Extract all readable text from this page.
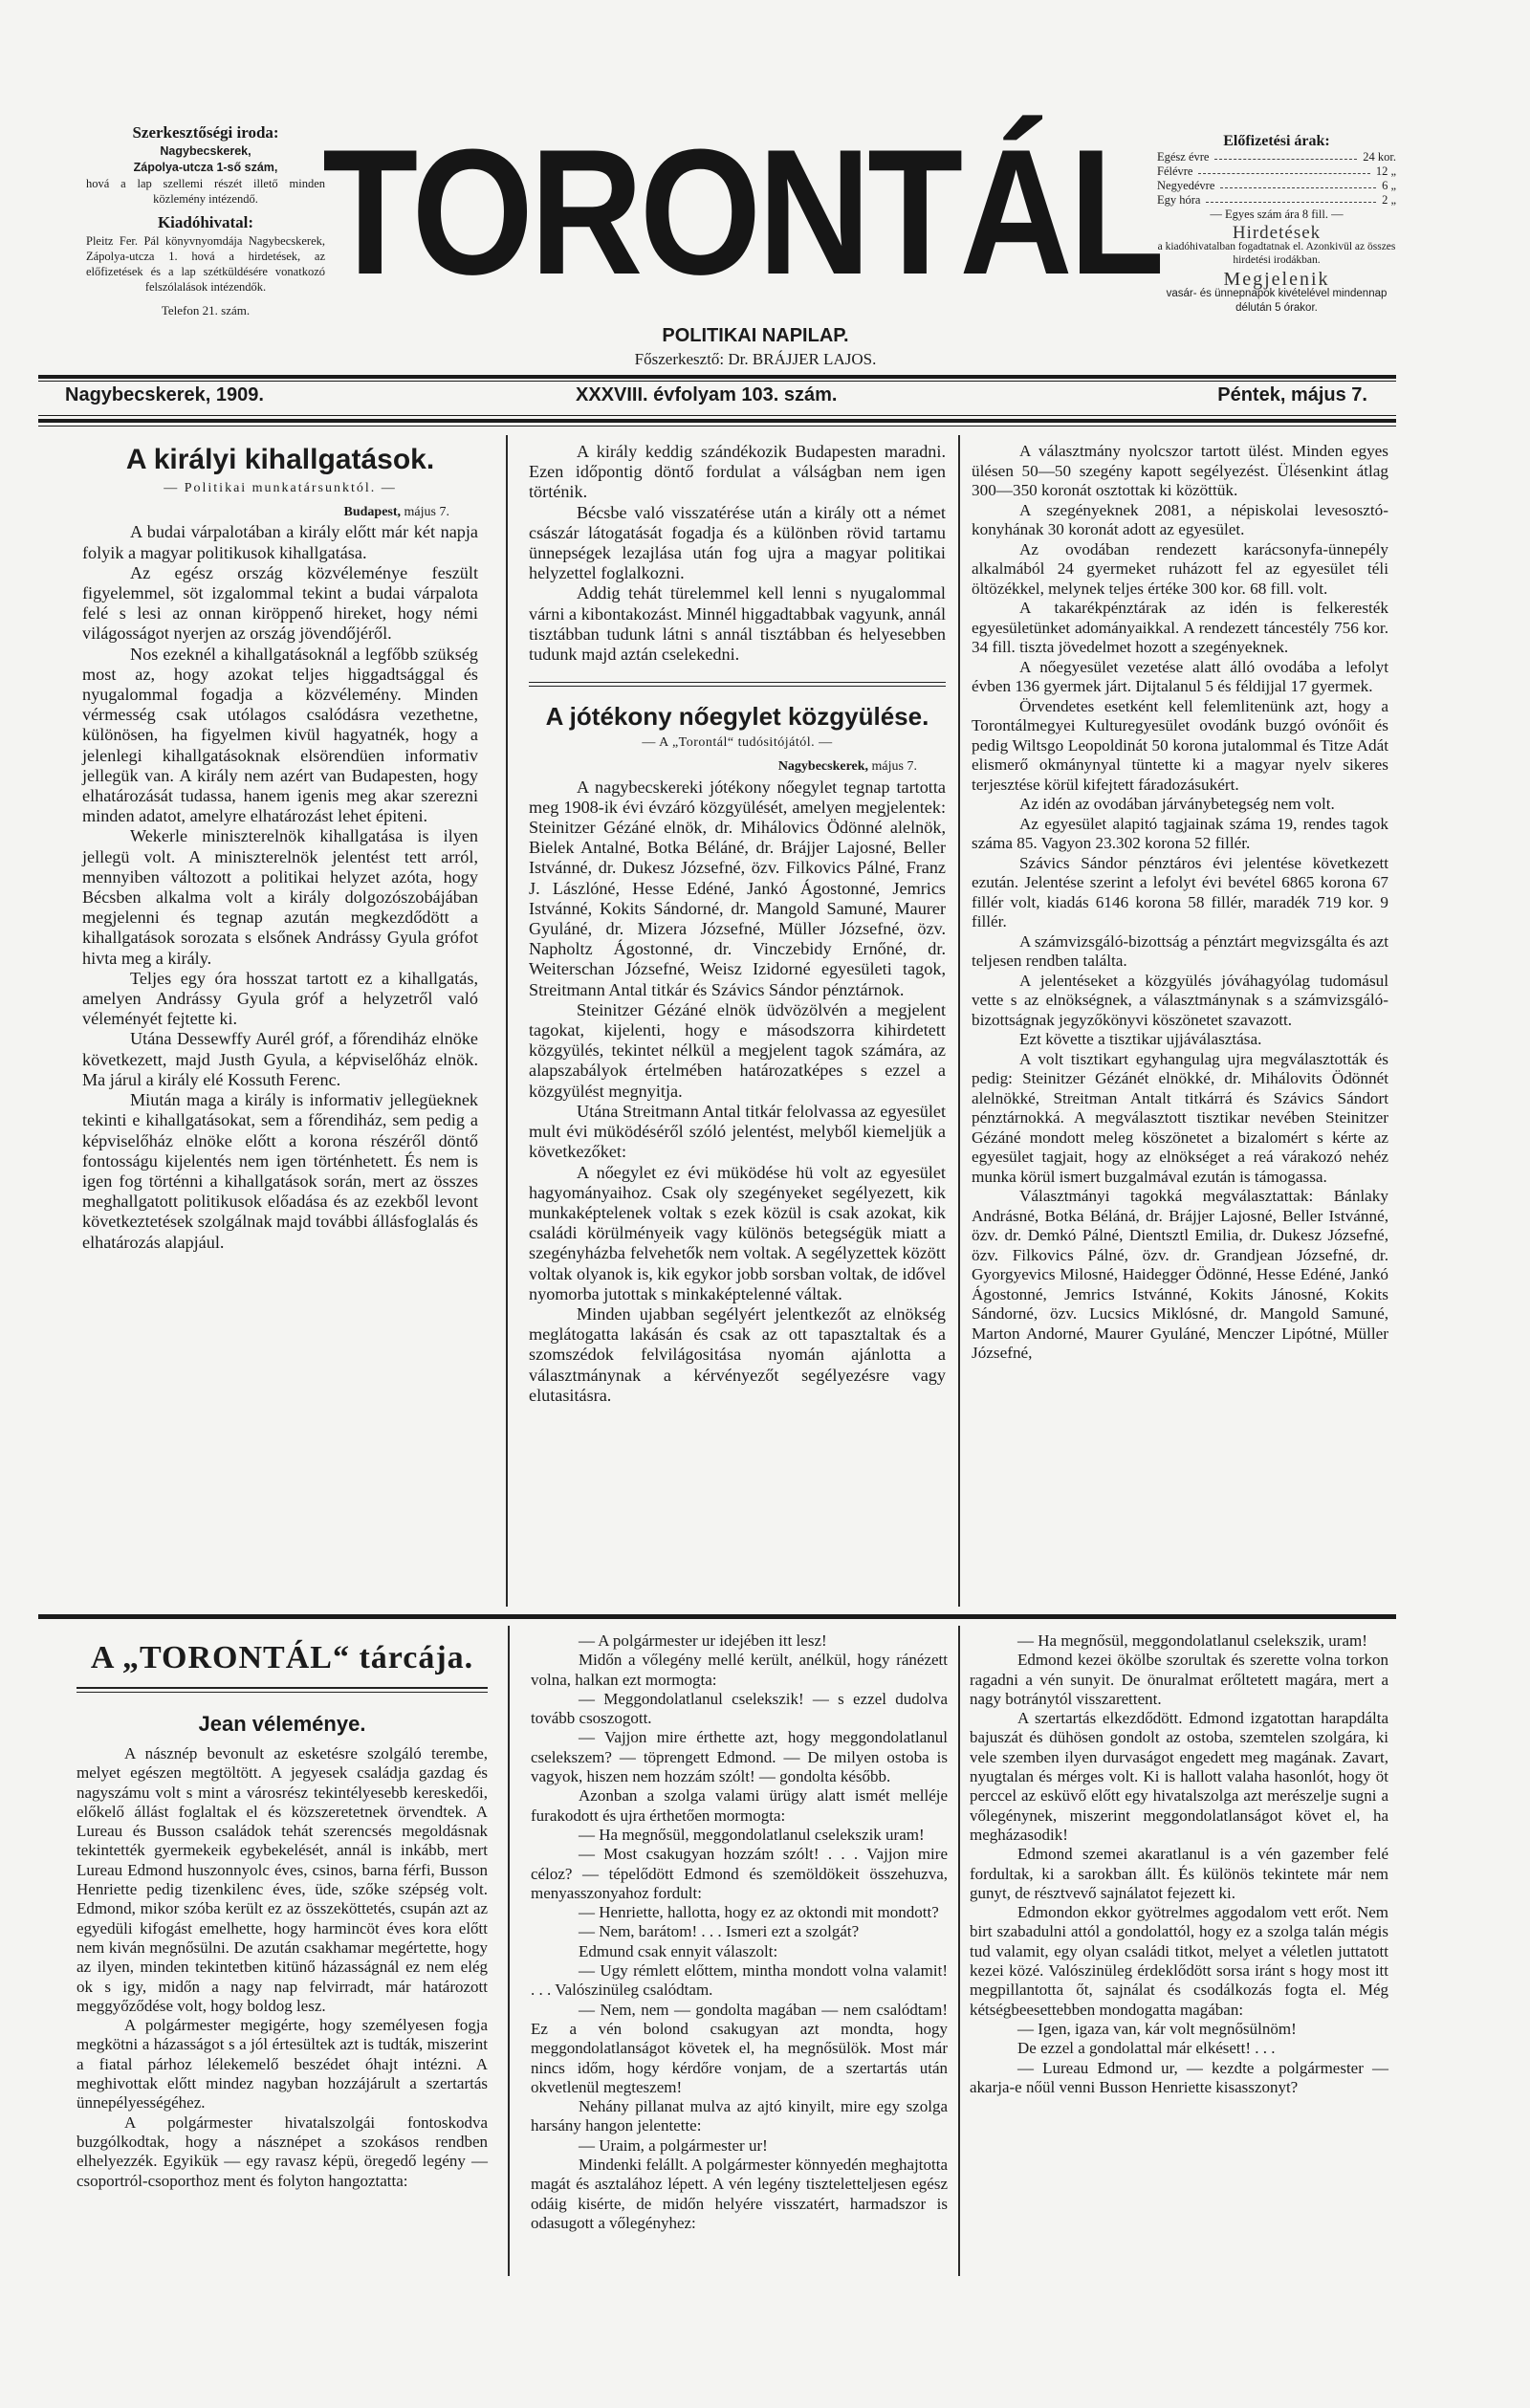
Szerkesztőségi iroda:
Nagybecskerek,
Zápolya-utcza 1-ső szám,
hová a lap szellemi részét illető minden közlemény intézendő.
Kiadóhivatal:
Pleitz Fer. Pál könyvnyomdája Nagybecskerek, Zápolya-utcza 1. hová a hirdetések, az előfizetések és a lap szétküldésére vonatkozó felszólalások intézendők.
Telefon 21. szám. TORONTÁL
POLITIKAI NAPILAP.
Főszerkesztő: Dr. BRÁJJER LAJOS.
Előfizetési árak:
Egész évre	24 kor.
Félévre	12 „
Negyedévre	6 „
Egy hóra	2 „
— Egyes szám ára 8 fill. —
Hirdetések
a kiadóhivatalban fogadtatnak el. Azonkivül az összes hirdetési irodákban.
Megjelenik
vasár- és ünnepnapok kivételével mindennap délután 5 órakor.
Nagybecskerek, 1909.	XXXVIII. évfolyam 103. szám.	Péntek, május 7.
A királyi kihallgatások.
— Politikai munkatársunktól. —
Budapest, május 7.

A budai várpalotában a király előtt már két napja folyik a magyar politikusok kihallgatása.

Az egész ország közvéleménye feszült figyelemmel, söt izgalommal tekint a budai várpalota felé s lesi az onnan kiröppenő hireket, hogy némi világosságot nyerjen az ország jövendőjéről.

Nos ezeknél a kihallgatásoknál a legfőbb szükség most az, hogy azokat teljes higgadtsággal és nyugalommal fogadja a közvélemény. Minden vérmesség csak utólagos csalódásra vezethetne, különösen, ha figyelmen kivül hagyatnék, hogy a jelenlegi kihallgatásoknak elsörendüen informativ jellegük van. A király nem azért van Budapesten, hogy elhatározását tudassa, hanem igenis meg akar szerezni minden adatot, amelyre elhatározást lehet épiteni.

Wekerle miniszterelnök kihallgatása is ilyen jellegü volt. A miniszterelnök jelentést tett arról, mennyiben változott a politikai helyzet azóta, hogy Bécsben alkalma volt a király dolgozószobájában megjelenni és tegnap azután megkezdődött a kihallgatások sorozata s elsőnek Andrássy Gyula grófot hivta meg a király.

Teljes egy óra hosszat tartott ez a kihallgatás, amelyen Andrássy Gyula gróf a helyzetről való véleményét fejtette ki.

Utána Dessewffy Aurél gróf, a főrendiház elnöke következett, majd Justh Gyula, a képviselőház elnök. Ma járul a király elé Kossuth Ferenc.

Miután maga a király is informativ jellegüeknek tekinti e kihallgatásokat, sem a főrendiház, sem pedig a képviselőház elnöke előtt a korona részéről döntő fontosságu kijelentés nem igen történhetett. És nem is igen fog történni a kihallgatások során, mert az összes meghallgatott politikusok előadása és az ezekből levont következtetések szolgálnak majd további állásfoglalás és elhatározás alapjául.

A király keddig szándékozik Budapesten maradni. Ezen időpontig döntő fordulat a válságban nem igen történik.

Bécsbe való visszatérése után a király ott a német császár látogatását fogadja és a különben rövid tartamu ünnepségek lezajlása után fog ujra a magyar politikai helyzettel foglalkozni.

Addig tehát türelemmel kell lenni s nyugalommal várni a kibontakozást. Minnél higgadtabbak vagyunk, annál tisztábban tudunk látni s annál tisztábban és helyesebben tudunk majd aztán cselekedni.

A jótékony nőegylet közgyülése.
— A „Torontál“ tudósitójától. —
Nagybecskerek, május 7.

A nagybecskereki jótékony nőegylet tegnap tartotta meg 1908-ik évi évzáró közgyülését, amelyen megjelentek: Steinitzer Gézáné elnök, dr. Mihálovics Ödönné alelnök, Bielek Antalné, Botka Béláné, dr. Brájjer Lajosné, Beller Istvánné, dr. Dukesz Józsefné, özv. Filkovics Pálné, Franz J. Lászlóné, Hesse Edéné, Jankó Ágostonné, Jemrics Istvánné, Kokits Sándorné, dr. Mangold Samuné, Maurer Gyuláné, dr. Mizera Józsefné, Müller Józsefné, özv. Napholtz Ágostonné, dr. Vinczebidy Ernőné, dr. Weiterschan Józsefné, Weisz Izidorné egyesületi tagok, Streitmann Antal titkár és Szávics Sándor pénztárnok.

Steinitzer Gézáné elnök üdvözölvén a megjelent tagokat, kijelenti, hogy e másodszorra kihirdetett közgyülés, tekintet nélkül a megjelent tagok számára, az alapszabályok értelmében határozatképes s ezzel a közgyülést megnyitja.

Utána Streitmann Antal titkár felolvassa az egyesület mult évi müködéséről szóló jelentést, melyből kiemeljük a következőket:

A nőegylet ez évi müködése hü volt az egyesület hagyományaihoz. Csak oly szegényeket segélyezett, kik munkaképtelenek voltak s ezek közül is csak azokat, kik családi körülményeik vagy különös betegségük miatt a szegényházba felvehetők nem voltak. A segélyzettek között voltak olyanok is, kik egykor jobb sorsban voltak, de idővel nyomorba jutottak s minkaképtelenné váltak.

Minden ujabban segélyért jelentkezőt az elnökség meglátogatta lakásán és csak az ott tapasztaltak és a szomszédok felvilágositása nyomán ajánlotta a választmánynak a kérvényezőt segélyezésre vagy elutasitásra.

A választmány nyolcszor tartott ülést. Minden egyes ülésen 50—50 szegény kapott segélyezést. Ülésenkint átlag 300—350 koronát osztottak ki közöttük.

A szegényeknek 2081, a népiskolai levesosztó-konyhának 30 koronát adott az egyesület.

Az ovodában rendezett karácsonyfa-ünnepély alkalmából 24 gyermeket ruházott fel az egyesület téli öltözékkel, melynek teljes értéke 300 kor. 68 fill. volt.

A takarékpénztárak az idén is felkeresték egyesületünket adományaikkal. A rendezett táncestély 756 kor. 34 fill. tiszta jövedelmet hozott a szegényeknek.

A nőegyesület vezetése alatt álló ovodába a lefolyt évben 136 gyermek járt. Dijtalanul 5 és féldijjal 17 gyermek.

Örvendetes esetként kell felemlitenünk azt, hogy a Torontálmegyei Kulturegyesület ovodánk buzgó ovónőit és pedig Wiltsgo Leopoldinát 50 korona jutalommal és Titze Adát elismerő okmánynyal tüntette ki a magyar nyelv sikeres terjesztése körül kifejtett fáradozásukért.

Az idén az ovodában járványbetegség nem volt.

Az egyesület alapitó tagjainak száma 19, rendes tagok száma 85. Vagyon 23.302 korona 52 fillér.

Szávics Sándor pénztáros évi jelentése következett ezután. Jelentése szerint a lefolyt évi bevétel 6865 korona 67 fillér volt, kiadás 6146 korona 58 fillér, maradék 719 kor. 9 fillér.

A számvizsgáló-bizottság a pénztárt megvizsgálta és azt teljesen rendben találta.

A jelentéseket a közgyülés jóváhagyólag tudomásul vette s az elnökségnek, a választmánynak s a számvizsgáló-bizottságnak jegyzőkönyvi köszönetet szavazott.

Ezt követte a tisztikar ujjáválasztása.

A volt tisztikart egyhangulag ujra megválasztották és pedig: Steinitzer Gézánét elnökké, dr. Mihálovits Ödönnét alelnökké, Streitman Antalt titkárrá és Szávics Sándort pénztárnokká. A megválasztott tisztikar nevében Steinitzer Gézáné mondott meleg köszönetet a bizalomért s kérte az egyesület tagjait, hogy az elnökséget a reá várakozó nehéz munka körül ismert buzgalmával ezután is támogassa.

Választmányi tagokká megválasztattak: Bánlaky Andrásné, Botka Béláná, dr. Brájjer Lajosné, Beller Istvánné, özv. dr. Demkó Pálné, Dientsztl Emilia, dr. Dukesz Józsefné, özv. Filkovics Pálné, özv. dr. Grandjean Józsefné, dr. Gyorgyevics Milosné, Haidegger Ödönné, Hesse Edéné, Jankó Ágostonné, Jemrics Istvánné, Kokits Jánosné, Kokits Sándorné, özv. Lucsics Miklósné, dr. Mangold Samuné, Marton Andorné, Maurer Gyuláné, Menczer Lipótné, Müller Józsefné,

A „TORONTÁL“ tárcája.
Jean véleménye.

A násznép bevonult az esketésre szolgáló terembe, melyet egészen megtöltött. A jegyesek családja gazdag és nagyszámu volt s mint a városrész tekintélyesebb kereskedői, előkelő állást foglaltak el és közszeretetnek örvendtek. A Lureau és Busson családok tehát szerencsés megoldásnak tekintették gyermekeik egybekelését, annál is inkább, mert Lureau Edmond huszonnyolc éves, csinos, barna férfi, Busson Henriette pedig tizenkilenc éves, üde, szőke szépség volt. Edmond, mikor szóba került ez az összeköttetés, csupán azt az egyedüli kifogást emelhette, hogy harmincöt éves kora előtt nem kiván megnősülni. De azután csakhamar megértette, hogy az ilyen, minden tekintetben kitünő házasságnál ez nem elég ok s igy, midőn a nagy nap felvirradt, már határozott meggyőződése volt, hogy boldog lesz.

A polgármester megigérte, hogy személyesen fogja megkötni a házasságot s a jól értesültek azt is tudták, miszerint a fiatal párhoz lélekemelő beszédet óhajt intézni. A meghivottak előtt mindez nagyban hozzájárult a szertartás ünnepélyességéhez.

A polgármester hivatalszolgái fontoskodva buzgólkodtak, hogy a násznépet a szokásos rendben elhelyezzék. Egyikük — egy ravasz képü, öregedő legény — csoportról-csoporthoz ment és folyton hangoztatta:

— A polgármester ur idejében itt lesz!

Midőn a vőlegény mellé került, anélkül, hogy ránézett volna, halkan ezt mormogta:

— Meggondolatlanul cselekszik! — s ezzel dudolva tovább csoszogott.

— Vajjon mire érthette azt, hogy meggondolatlanul cselekszem? — töprengett Edmond. — De milyen ostoba is vagyok, hiszen nem hozzám szólt! — gondolta később.

Azonban a szolga valami ürügy alatt ismét melléje furakodott és ujra érthetően mormogta:

— Ha megnősül, meggondolatlanul cselekszik uram!

— Most csakugyan hozzám szólt! . . . Vajjon mire céloz? — tépelődött Edmond és szemöldökeit összehuzva, menyasszonyahoz fordult:

— Henriette, hallotta, hogy ez az oktondi mit mondott?

— Nem, barátom! . . . Ismeri ezt a szolgát?

Edmund csak ennyit válaszolt:

— Ugy rémlett előttem, mintha mondott volna valamit! . . . Valószinüleg csalódtam.

— Nem, nem — gondolta magában — nem csalódtam! Ez a vén bolond csakugyan azt mondta, hogy meggondolatlanságot követek el, ha megnősülök. Most már nincs időm, hogy kérdőre vonjam, de a szertartás után okvetlenül megteszem!

Nehány pillanat mulva az ajtó kinyilt, mire egy szolga harsány hangon jelentette:

— Uraim, a polgármester ur!

Mindenki felállt. A polgármester könnyedén meghajtotta magát és asztalához lépett. A vén legény tiszteletteljesen egész odáig kisérte, de midőn helyére visszatért, harmadszor is odasugott a vőlegényhez:

— Ha megnősül, meggondolatlanul cselekszik, uram!

Edmond kezei ökölbe szorultak és szerette volna torkon ragadni a vén sunyit. De önuralmat erőltetett magára, mert a nagy botránytól visszarettent.

A szertartás elkezdődött. Edmond izgatottan harapdálta bajuszát és dühösen gondolt az ostoba, szemtelen szolgára, ki vele szemben ilyen durvaságot engedett meg magának. Zavart, nyugtalan és mérges volt. Ki is hallott valaha hasonlót, hogy öt perccel az esküvő előtt egy hivatalszolga azt merészelje sugni a vőlegénynek, miszerint meggondolatlanságot követ el, ha megházasodik!

Edmond szemei akaratlanul is a vén gazember felé fordultak, ki a sarokban állt. És különös tekintete már nem gunyt, de résztvevő sajnálatot fejezett ki.

Edmondon ekkor gyötrelmes aggodalom vett erőt. Nem birt szabadulni attól a gondolattól, hogy ez a szolga talán mégis tud valamit, egy olyan családi titkot, melyet a véletlen juttatott kezei közé. Valószinüleg érdeklődött sorsa iránt s hogy most itt megpillantotta őt, sajnálat és csodálkozás fogta el. Még kétségbeesettebben mondogatta magában:

— Igen, igaza van, kár volt megnősülnöm!

De ezzel a gondolattal már elkésett! . . .

— Lureau Edmond ur, — kezdte a polgármester — akarja-e nőül venni Busson Henriette kisasszonyt?
